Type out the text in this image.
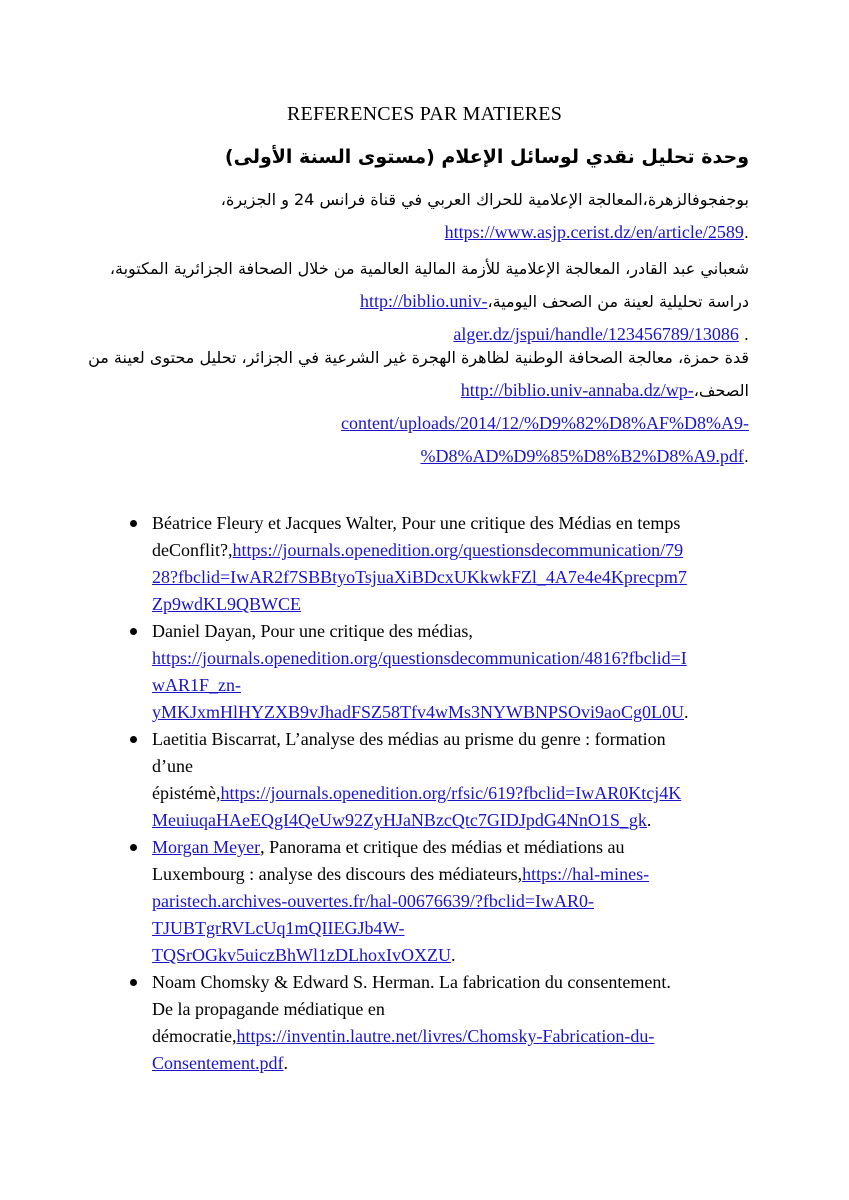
REFERENCES PAR MATIERES
وحدة تحليل نقدي لوسائل الإعلام (مستوى السنة الأولى)
بوجفجوفالزهرة،المعالجة الإعلامية للحراك العربي في قناة فرانس 24 و الجزيرة،
https://www.asjp.cerist.dz/en/article/2589.
شعباني عبد القادر، المعالجة الإعلامية للأزمة المالية العالمية من خلال الصحافة الجزائرية المكتوبة،
دراسة تحليلية لعينة من الصحف اليومية،http://biblio.univ-
alger.dz/jspui/handle/123456789/13086 .
قدة حمزة، معالجة الصحافة الوطنية لظاهرة الهجرة غير الشرعية في الجزائر، تحليل محتوى لعينة من
الصحف،http://biblio.univ-annaba.dz/wp-
content/uploads/2014/12/%D9%82%D8%AF%D8%A9-
%D8%AD%D9%85%D8%B2%D8%A9.pdf.
Béatrice Fleury et Jacques Walter, Pour une critique des Médias en temps
deConflit?,https://journals.openedition.org/questionsdecommunication/79
28?fbclid=IwAR2f7SBBtyoTsjuaXiBDcxUKkwkFZl_4A7e4e4Kprecpm7
Zp9wdKL9QBWCE
Daniel Dayan, Pour une critique des médias,
https://journals.openedition.org/questionsdecommunication/4816?fbclid=I
wAR1F_zn-
yMKJxmHlHYZXB9vJhadFSZ58Tfv4wMs3NYWBNPSOvi9aoCg0L0U.
Laetitia Biscarrat, L’analyse des médias au prisme du genre : formation
d’une
épistémè,https://journals.openedition.org/rfsic/619?fbclid=IwAR0Ktcj4K
MeuiuqaHAeEQgI4QeUw92ZyHJaNBzcQtc7GIDJpdG4NnO1S_gk.
Morgan Meyer, Panorama et critique des médias et médiations au
Luxembourg : analyse des discours des médiateurs,https://hal-mines-
paristech.archives-ouvertes.fr/hal-00676639/?fbclid=IwAR0-
TJUBTgrRVLcUq1mQIIEGJb4W-
TQSrOGkv5uiczBhWl1zDLhoxIvOXZU.
Noam Chomsky & Edward S. Herman. La fabrication du consentement.
De la propagande médiatique en
démocratie,https://inventin.lautre.net/livres/Chomsky-Fabrication-du-
Consentement.pdf.
